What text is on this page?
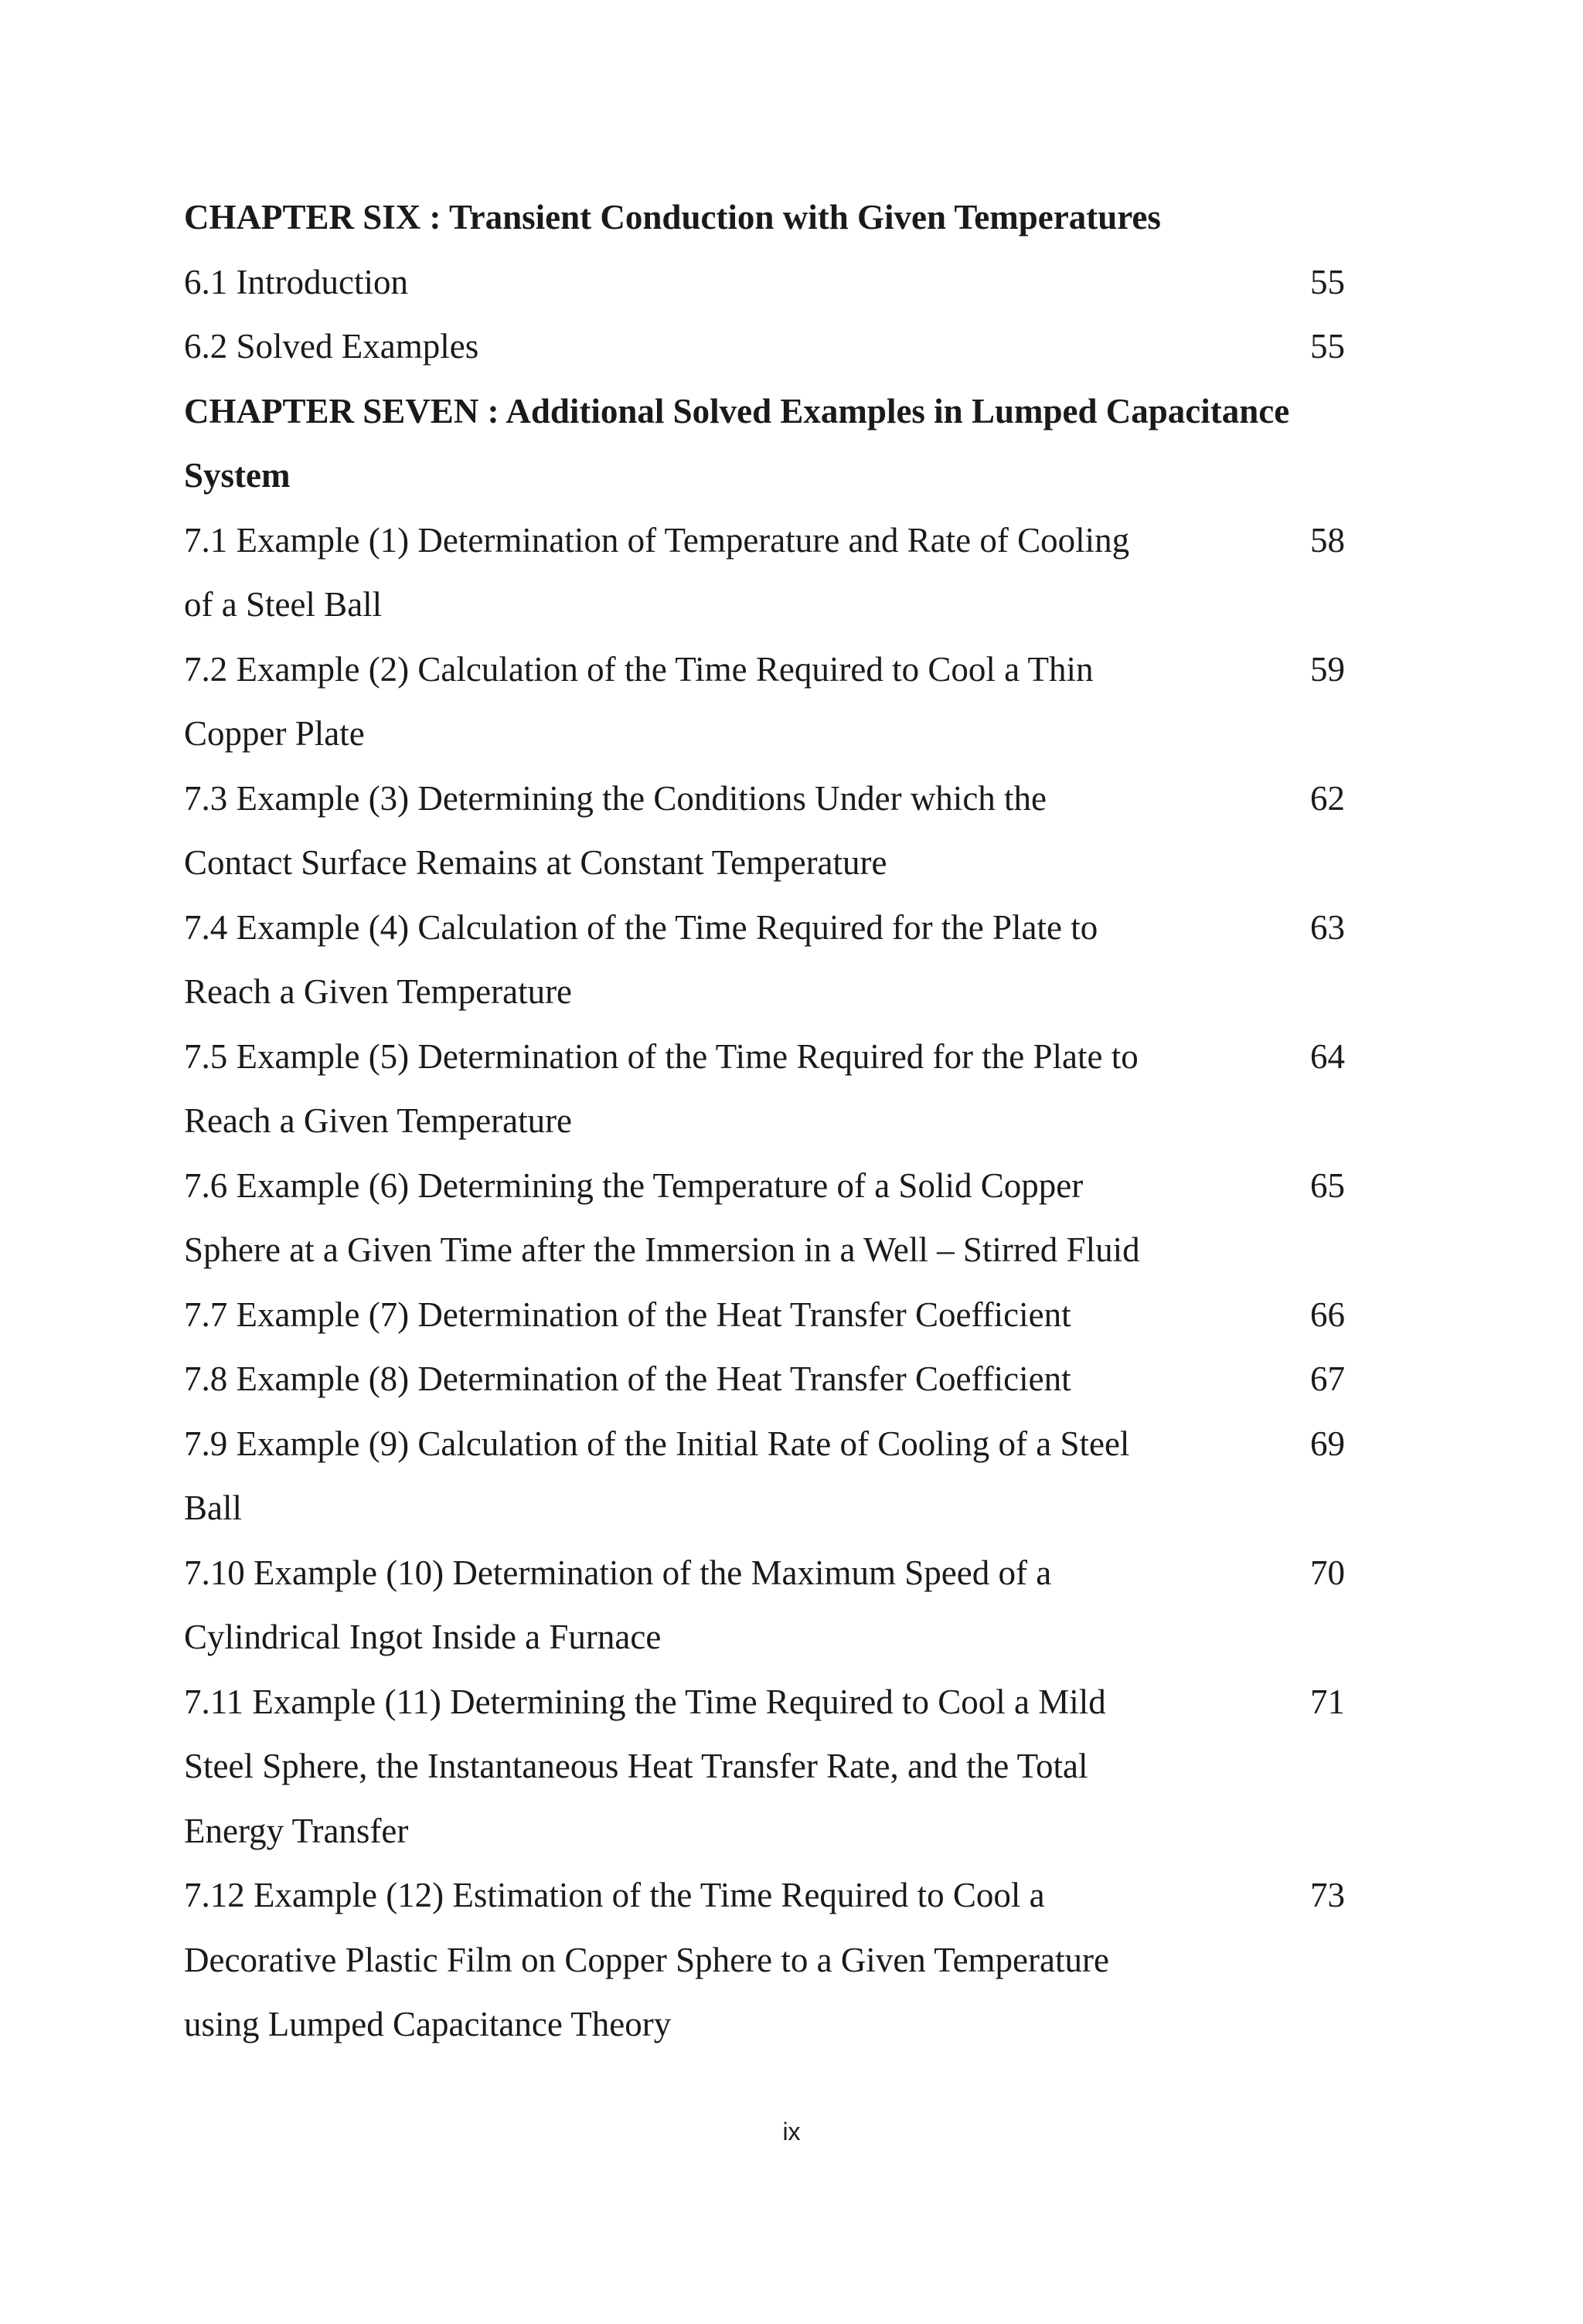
CHAPTER SIX : Transient Conduction with Given Temperatures
6.1 Introduction	55
6.2 Solved Examples	55
CHAPTER SEVEN : Additional Solved Examples in Lumped Capacitance
System
7.1 Example (1) Determination of Temperature and Rate of Cooling	58
of a Steel Ball
7.2 Example (2) Calculation of the Time Required to Cool a Thin	59
Copper Plate
7.3 Example (3) Determining the Conditions Under which the	62
Contact Surface Remains at Constant Temperature
7.4 Example (4) Calculation of the Time Required for the Plate to	63
Reach a Given Temperature
7.5 Example (5) Determination of the Time Required for the Plate to	64
Reach a Given Temperature
7.6 Example (6) Determining the Temperature of a Solid Copper	65
Sphere at a Given Time after the Immersion in a Well – Stirred Fluid
7.7 Example (7) Determination of the Heat Transfer Coefficient	66
7.8 Example (8) Determination of the Heat Transfer Coefficient	67
7.9 Example (9) Calculation of the Initial Rate of Cooling of a Steel	69
Ball
7.10 Example (10) Determination of the Maximum Speed of a	70
Cylindrical Ingot Inside a Furnace
7.11 Example (11) Determining the Time Required to Cool a Mild	71
Steel Sphere, the Instantaneous Heat Transfer Rate, and the Total
Energy Transfer
7.12 Example (12) Estimation of the Time Required to Cool a	73
Decorative Plastic Film on Copper Sphere to a Given Temperature
using Lumped Capacitance Theory
ix
